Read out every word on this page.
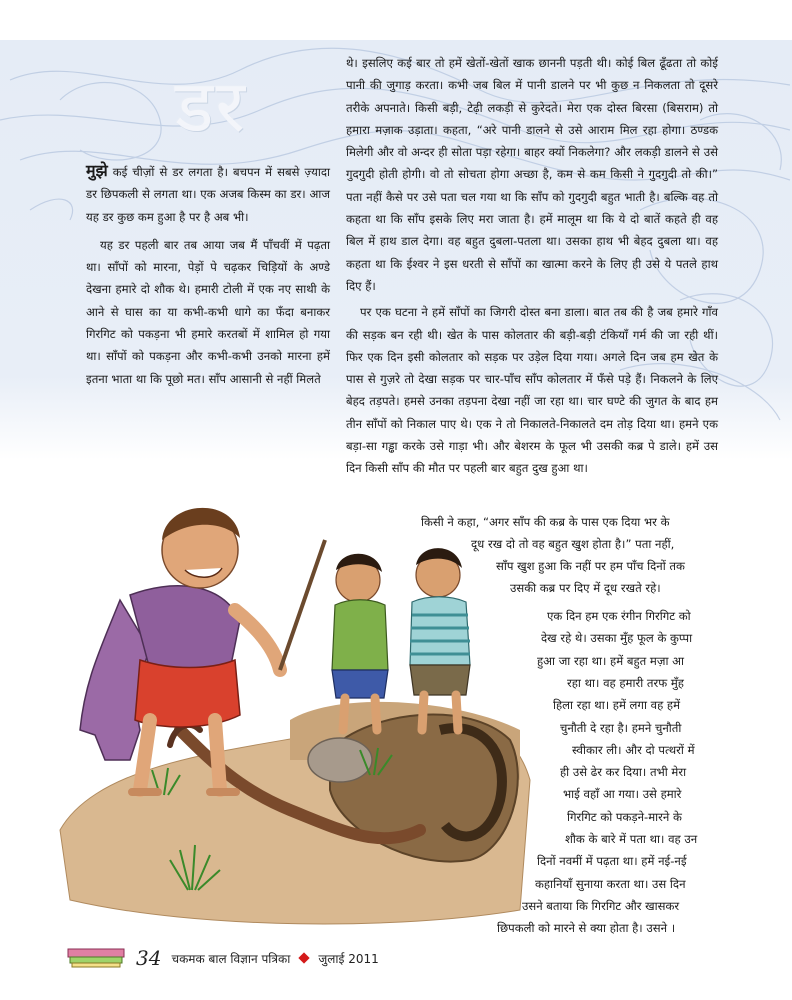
डर

मुझे कई चीज़ों से डर लगता है। बचपन में सबसे ज़्यादा डर छिपकली से लगता था। एक अजब किस्म का डर। आज यह डर कुछ कम हुआ है पर है अब भी।

यह डर पहली बार तब आया जब मैं पाँचवीं में पढ़ता था। साँपों को मारना, पेड़ों पे चढ़कर चिड़ियों के अण्डे देखना हमारे दो शौक थे। हमारी टोली में एक नए साथी के आने से घास का या कभी-कभी धागे का फँदा बनाकर गिरगिट को पकड़ना भी हमारे करतबों में शामिल हो गया था। साँपों को पकड़ना और कभी-कभी उनको मारना हमें इतना भाता था कि पूछो मत। साँप आसानी से नहीं मिलते

थे। इसलिए कई बार तो हमें खेतों-खेतों खाक छाननी पड़ती थी। कोई बिल ढूँढता तो कोई पानी की जुगाड़ करता। कभी जब बिल में पानी डालने पर भी कुछ न निकलता तो दूसरे तरीके अपनाते। किसी बड़ी, टेढ़ी लकड़ी से कुरेदते। मेरा एक दोस्त बिरसा (बिसराम) तो हमारा मज़ाक उड़ाता। कहता, “अरे पानी डालने से उसे आराम मिल रहा होगा। ठण्डक मिलेगी और वो अन्दर ही सोता पड़ा रहेगा। बाहर क्यों निकलेगा? और लकड़ी डालने से उसे गुदगुदी होती होगी। वो तो सोचता होगा अच्छा है, कम से कम किसी ने गुदगुदी तो की।” पता नहीं कैसे पर उसे पता चल गया था कि साँप को गुदगुदी बहुत भाती है। बल्कि वह तो कहता था कि साँप इसके लिए मरा जाता है। हमें मालूम था कि ये दो बातें कहते ही वह बिल में हाथ डाल देगा। वह बहुत दुबला-पतला था। उसका हाथ भी बेहद दुबला था। वह कहता था कि ईश्वर ने इस धरती से साँपों का खात्मा करने के लिए ही उसे ये पतले हाथ दिए हैं।

पर एक घटना ने हमें साँपों का जिगरी दोस्त बना डाला। बात तब की है जब हमारे गाँव की सड़क बन रही थी। खेत के पास कोलतार की बड़ी-बड़ी टंकियाँ गर्म की जा रही थीं। फिर एक दिन इसी कोलतार को सड़क पर उड़ेल दिया गया। अगले दिन जब हम खेत के पास से गुज़रे तो देखा सड़क पर चार-पाँच साँप कोलतार में फँसे पड़े हैं। निकलने के लिए बेहद तड़पते। हमसे उनका तड़पना देखा नहीं जा रहा था। चार घण्टे की जुगत के बाद हम तीन साँपों को निकाल पाए थे। एक ने तो निकालते-निकालते दम तोड़ दिया था। हमने एक बड़ा-सा गड्ढा करके उसे गाड़ा भी। और बेशरम के फूल भी उसकी कब्र पे डाले। हमें उस दिन किसी साँप की मौत पर पहली बार बहुत दुख हुआ था।

किसी ने कहा, “अगर साँप की कब्र के पास एक दिया भर के
दूध रख दो तो वह बहुत खुश होता है।” पता नहीं,
साँप खुश हुआ कि नहीं पर हम पाँच दिनों तक
उसकी कब्र पर दिए में दूध रखते रहे।
एक दिन हम एक रंगीन गिरगिट को
देख रहे थे। उसका मुँह फूल के कुप्पा
हुआ जा रहा था। हमें बहुत मज़ा आ
रहा था। वह हमारी तरफ मुँह
हिला रहा था। हमें लगा वह हमें
चुनौती दे रहा है। हमने चुनौती
स्वीकार ली। और दो पत्थरों में
ही उसे ढेर कर दिया। तभी मेरा
भाई वहाँ आ गया। उसे हमारे
गिरगिट को पकड़ने-मारने के
शौक के बारे में पता था। वह उन
दिनों नवमीं में पढ़ता था। हमें नई-नई
कहानियाँ सुनाया करता था। उस दिन
उसने बताया कि गिरगिट और खासकर
छिपकली को मारने से क्या होता है। उसने ।
34 चकमक बाल विज्ञान पत्रिका जुलाई 2011
